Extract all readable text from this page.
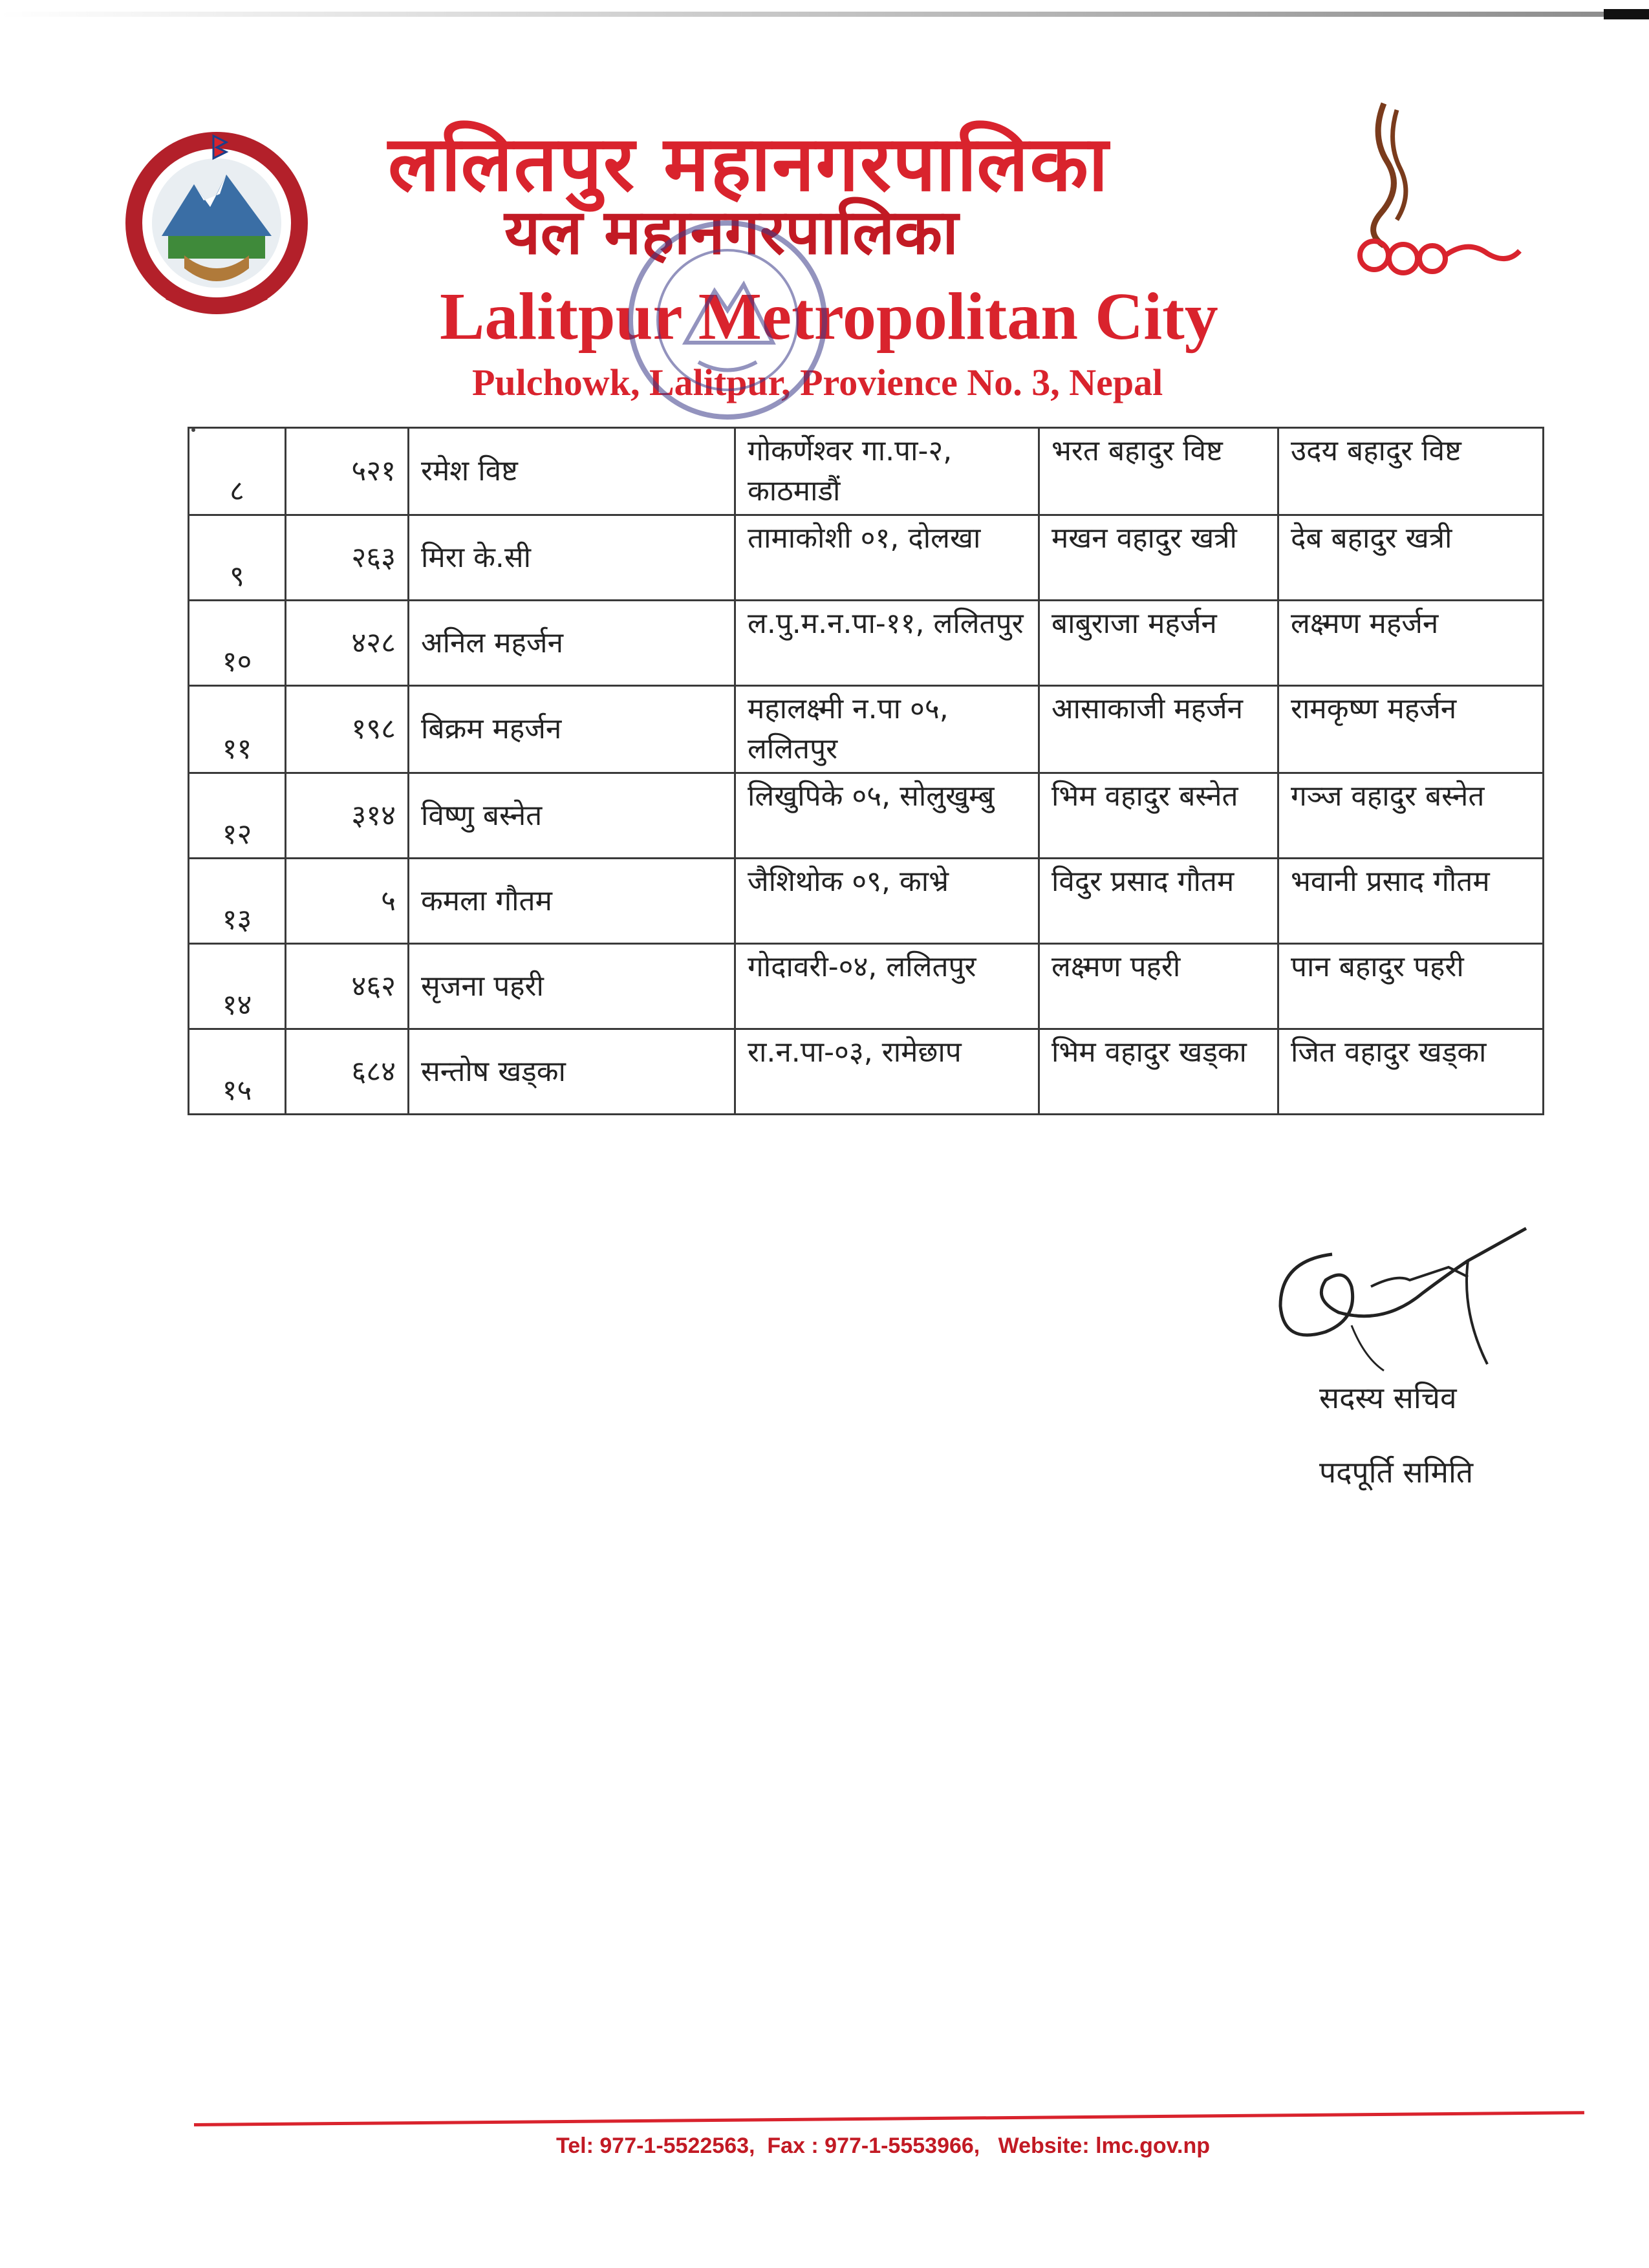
ललितपुर महानगरपालिका
यल महानगरपालिका
Lalitpur Metropolitan City
Pulchowk, Lalitpur, Provience No. 3, Nepal
८	५२१	रमेश विष्ट	गोकर्णेश्वर गा.पा-२, काठमाडौं	भरत बहादुर विष्ट	उदय बहादुर विष्ट
९	२६३	मिरा के.सी	तामाकोशी ०१, दोलखा	मखन वहादुर खत्री	देब बहादुर खत्री
१०	४२८	अनिल महर्जन	ल.पु.म.न.पा-११, ललितपुर	बाबुराजा महर्जन	लक्ष्मण महर्जन
११	१९८	बिक्रम महर्जन	महालक्ष्मी न.पा ०५, ललितपुर	आसाकाजी महर्जन	रामकृष्ण महर्जन
१२	३१४	विष्णु बस्नेत	लिखुपिके ०५, सोलुखुम्बु	भिम वहादुर बस्नेत	गञ्ज वहादुर बस्नेत
१३	५	कमला गौतम	जैशिथोक ०९, काभ्रे	विदुर प्रसाद गौतम	भवानी प्रसाद गौतम
१४	४६२	सृजना पहरी	गोदावरी-०४, ललितपुर	लक्ष्मण पहरी	पान बहादुर पहरी
१५	६८४	सन्तोष खड्का	रा.न.पा-०३, रामेछाप	भिम वहादुर खड्का	जित वहादुर खड्का
सदस्य सचिव
पदपूर्ति समिति
Tel: 977-1-5522563,  Fax : 977-1-5553966,   Website: lmc.gov.np
